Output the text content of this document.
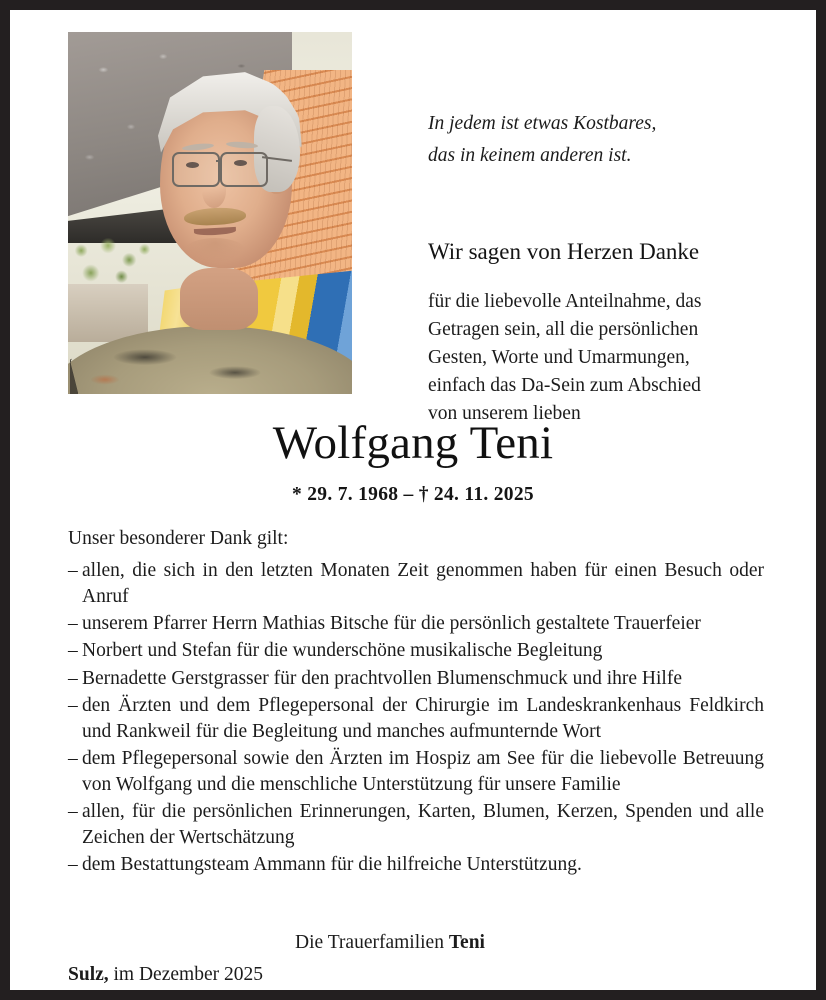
In jedem ist etwas Kostbares,
das in keinem anderen ist.
Wir sagen von Herzen Danke
für die liebevolle Anteilnahme, das
Getragen sein, all die persönlichen
Gesten, Worte und Umarmungen,
einfach das Da-Sein zum Abschied
von unserem lieben
Wolfgang Teni
* 29. 7. 1968 – † 24. 11. 2025
Unser besonderer Dank gilt:
– allen, die sich in den letzten Monaten Zeit genommen haben für einen Besuch oder Anruf
– unserem Pfarrer Herrn Mathias Bitsche für die persönlich gestaltete Trauerfeier
– Norbert und Stefan für die wunderschöne musikalische Begleitung
– Bernadette Gerstgrasser für den prachtvollen Blumenschmuck und ihre Hilfe
– den Ärzten und dem Pflegepersonal der Chirurgie im Landeskrankenhaus Feldkirch und Rankweil für die Begleitung und manches aufmunternde Wort
– dem Pflegepersonal sowie den Ärzten im Hospiz am See für die liebevolle Betreuung von Wolfgang und die menschliche Unterstützung für unsere Familie
– allen, für die persönlichen Erinnerungen, Karten, Blumen, Kerzen, Spenden und alle Zeichen der Wertschätzung
– dem Bestattungsteam Ammann für die hilfreiche Unterstützung.
Die Trauerfamilien Teni
Sulz, im Dezember 2025
